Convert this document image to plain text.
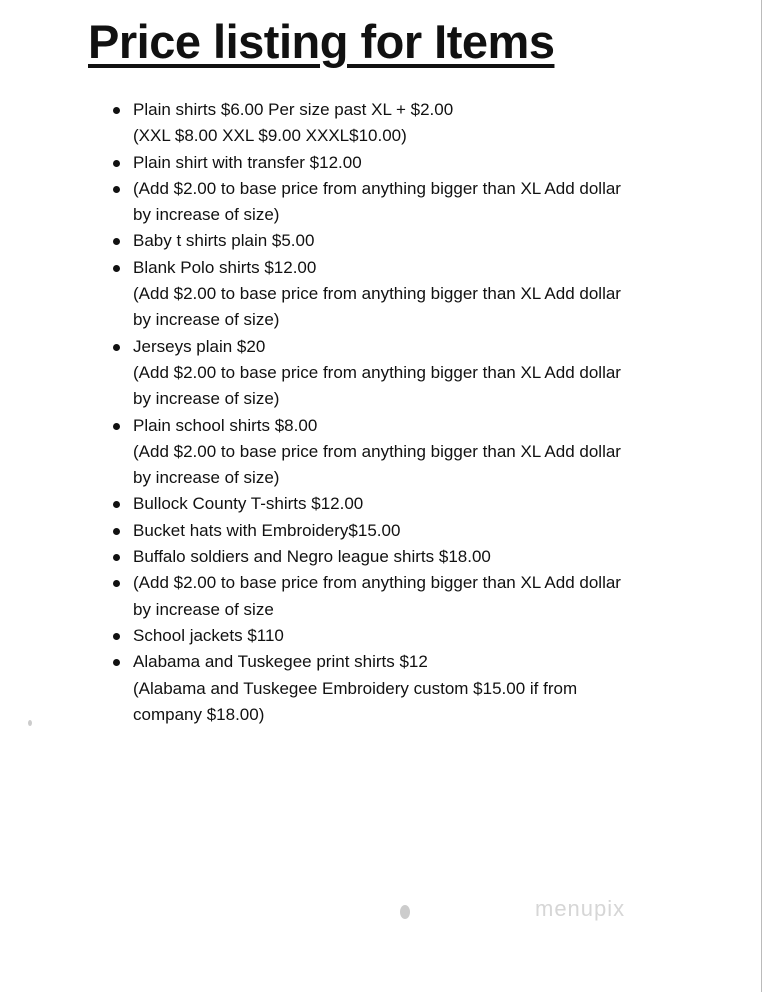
Price listing for Items
Plain shirts $6.00 Per size past XL + $2.00
(XXL $8.00 XXL $9.00 XXXL$10.00)
Plain shirt with transfer $12.00
(Add $2.00 to base price from anything bigger than XL Add dollar
by increase of size)
Baby t shirts plain $5.00
Blank Polo shirts $12.00
(Add $2.00 to base price from anything bigger than XL Add dollar
by increase of size)
Jerseys plain $20
(Add $2.00 to base price from anything bigger than XL Add dollar
by increase of size)
Plain school shirts $8.00
(Add $2.00 to base price from anything bigger than XL Add dollar
by increase of size)
Bullock County T-shirts $12.00
Bucket hats with Embroidery$15.00
Buffalo soldiers and Negro league shirts $18.00
(Add $2.00 to base price from anything bigger than XL Add dollar
by increase of size
School jackets $110
Alabama and Tuskegee print shirts $12
(Alabama and Tuskegee Embroidery custom $15.00 if from
company $18.00)
menupix
